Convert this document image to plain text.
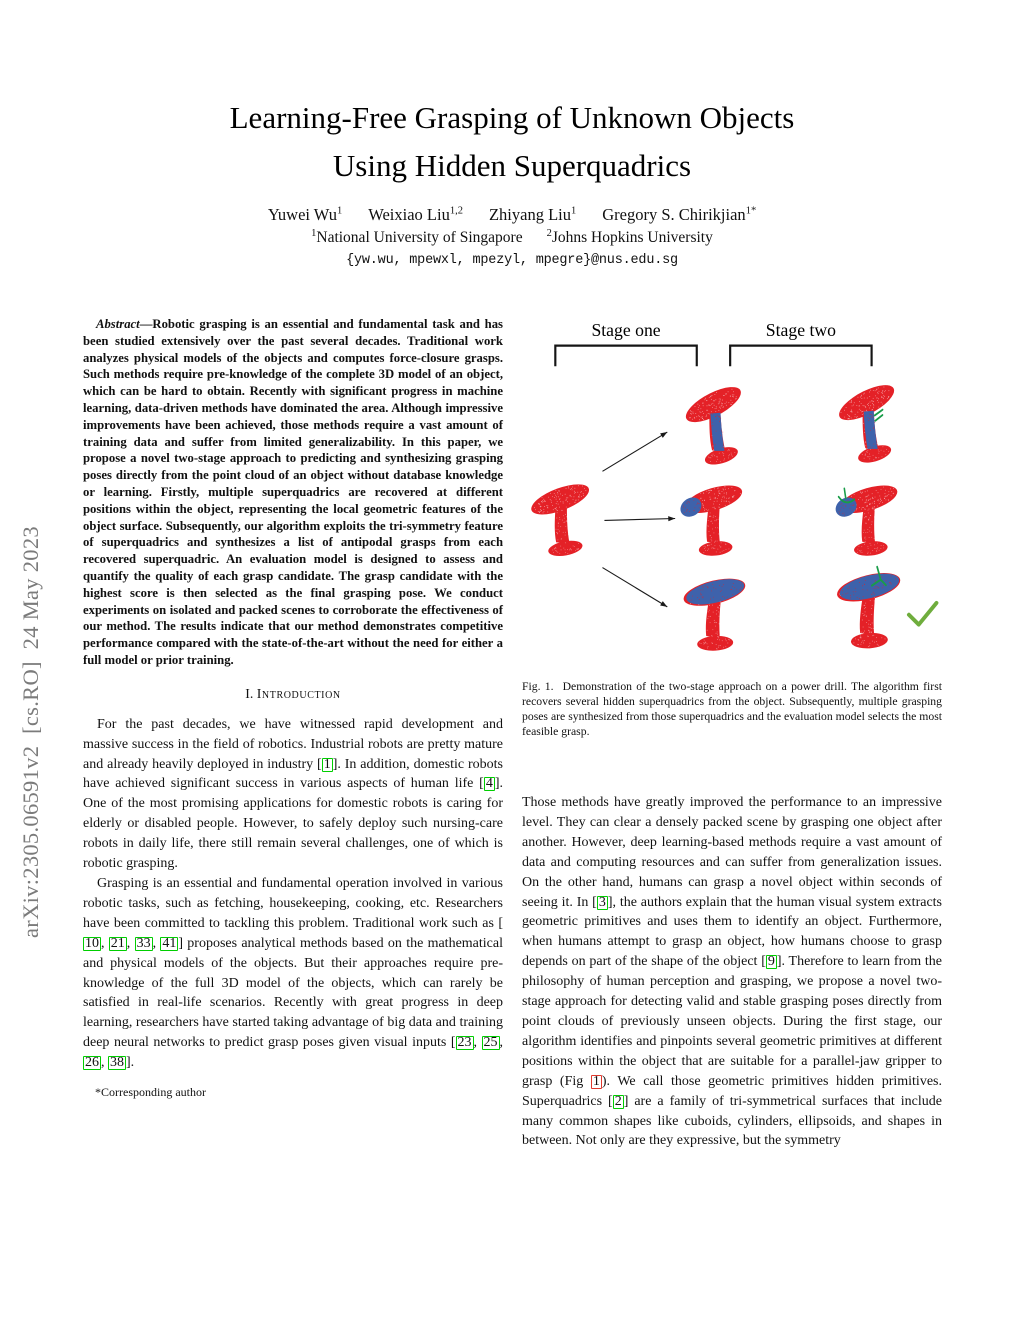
arXiv:2305.06591v2  [cs.RO]  24 May 2023
Learning-Free Grasping of Unknown Objects
Using Hidden Superquadrics
Yuwei Wu$^1$ Weixiao Liu$^{1,2}$ Zhiyang Liu$^1$ Gregory S. Chirikjian$^{1*}$
$^1$National University of Singapore $^2$Johns Hopkins University
{yw.wu, mpewxl, mpezyl, mpegre}@nus.edu.sg

Abstract—Robotic grasping is an essential and fundamental task and has been studied extensively over the past several decades. Traditional work analyzes physical models of the objects and computes force-closure grasps. Such methods require pre-knowledge of the complete 3D model of an object, which can be hard to obtain. Recently with significant progress in machine learning, data-driven methods have dominated the area. Although impressive improvements have been achieved, those methods require a vast amount of training data and suffer from limited generalizability. In this paper, we propose a novel two-stage approach to predicting and synthesizing grasping poses directly from the point cloud of an object without database knowledge or learning. Firstly, multiple superquadrics are recovered at different positions within the object, representing the local geometric features of the object surface. Subsequently, our algorithm exploits the tri-symmetry feature of superquadrics and synthesizes a list of antipodal grasps from each recovered superquadric. An evaluation model is designed to assess and quantify the quality of each grasp candidate. The grasp candidate with the highest score is then selected as the final grasping pose. We conduct experiments on isolated and packed scenes to corroborate the effectiveness of our method. The results indicate that our method demonstrates competitive performance compared with the state-of-the-art without the need for either a full model or prior training.

I. Introduction

For the past decades, we have witnessed rapid development and massive success in the field of robotics. Industrial robots are pretty mature and already heavily deployed in industry [ 1 ]. In addition, domestic robots have achieved significant success in various aspects of human life [ 4 ]. One of the most promising applications for domestic robots is caring for elderly or disabled people. However, to safely deploy such nursing-care robots in daily life, there still remain several challenges, one of which is robotic grasping.

Grasping is an essential and fundamental operation involved in various robotic tasks, such as fetching, housekeeping, cooking, etc. Researchers have been committed to tackling this problem. Traditional work such as [10 , 21 , 33 , 41 ] proposes analytical methods based on the mathematical and physical models of the objects. But their approaches require pre-knowledge of the full 3D model of the objects, which can rarely be satisfied in real-life scenarios. Recently with great progress in deep learning, researchers have started taking advantage of big data and training deep neural networks to predict grasp poses given visual inputs [ 23 , 25 , 26 , 38 ].

*Corresponding author
Stage one	Stage two
Fig. 1. Demonstration of the two-stage approach on a power drill. The algorithm first recovers several hidden superquadrics from the object. Subsequently, multiple grasping poses are synthesized from those superquadrics and the evaluation model selects the most feasible grasp.

Those methods have greatly improved the performance to an impressive level. They can clear a densely packed scene by grasping one object after another. However, deep learning-based methods require a vast amount of data and computing resources and can suffer from generalization issues. On the other hand, humans can grasp a novel object within seconds of seeing it. In [ 3 ], the authors explain that the human visual system extracts geometric primitives and uses them to identify an object. Furthermore, when humans attempt to grasp an object, how humans choose to grasp depends on part of the shape of the object [ 9 ]. Therefore to learn from the philosophy of human perception and grasping, we propose a novel two-stage approach for detecting valid and stable grasping poses directly from point clouds of previously unseen objects. During the first stage, our algorithm identifies and pinpoints several geometric primitives at different positions within the object that are suitable for a parallel-jaw gripper to grasp (Fig 1 ). We call those geometric primitives hidden primitives. Superquadrics [ 2 ] are a family of tri-symmetrical surfaces that include many common shapes like cuboids, cylinders, ellipsoids, and shapes in between. Not only are they expressive, but the symmetry
